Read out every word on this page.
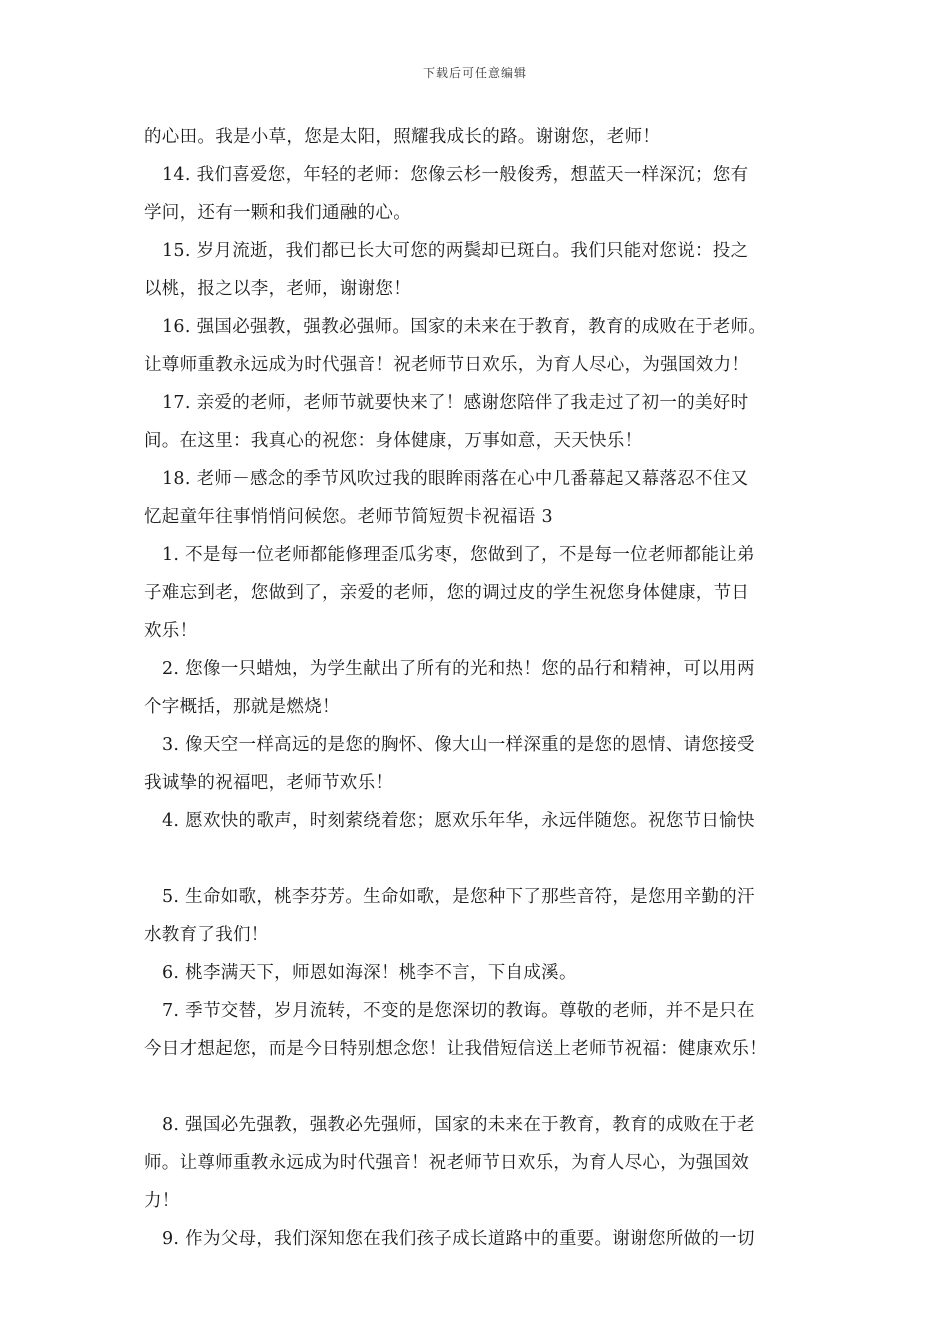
下载后可任意编辑
的心田。我是小草，您是太阳，照耀我成长的路。谢谢您，老师！
14. 我们喜爱您，年轻的老师：您像云杉一般俊秀，想蓝天一样深沉；您有
学问，还有一颗和我们通融的心。
15. 岁月流逝，我们都已长大可您的两鬓却已斑白。我们只能对您说：投之
以桃，报之以李，老师，谢谢您！
16. 强国必强教，强教必强师。国家的未来在于教育，教育的成败在于老师。
让尊师重教永远成为时代强音！祝老师节日欢乐，为育人尽心，为强国效力！
17. 亲爱的老师，老师节就要快来了！感谢您陪伴了我走过了初一的美好时
间。在这里：我真心的祝您：身体健康，万事如意，天天快乐！
18. 老师－感念的季节风吹过我的眼眸雨落在心中几番幕起又幕落忍不住又
忆起童年往事悄悄问候您。老师节简短贺卡祝福语 3
1. 不是每一位老师都能修理歪瓜劣枣，您做到了，不是每一位老师都能让弟
子难忘到老，您做到了，亲爱的老师，您的调过皮的学生祝您身体健康，节日
欢乐！
2. 您像一只蜡烛，为学生献出了所有的光和热！您的品行和精神，可以用两
个字概括，那就是燃烧！
3. 像天空一样高远的是您的胸怀、像大山一样深重的是您的恩情、请您接受
我诚挚的祝福吧，老师节欢乐！
4. 愿欢快的歌声，时刻萦绕着您；愿欢乐年华，永远伴随您。祝您节日愉快
5. 生命如歌，桃李芬芳。生命如歌，是您种下了那些音符，是您用辛勤的汗
水教育了我们！
6. 桃李满天下，师恩如海深！桃李不言，下自成溪。
7. 季节交替，岁月流转，不变的是您深切的教诲。尊敬的老师，并不是只在
今日才想起您，而是今日特别想念您！让我借短信送上老师节祝福：健康欢乐！
8. 强国必先强教，强教必先强师，国家的未来在于教育，教育的成败在于老
师。让尊师重教永远成为时代强音！祝老师节日欢乐，为育人尽心，为强国效
力！
9. 作为父母，我们深知您在我们孩子成长道路中的重要。谢谢您所做的一切
